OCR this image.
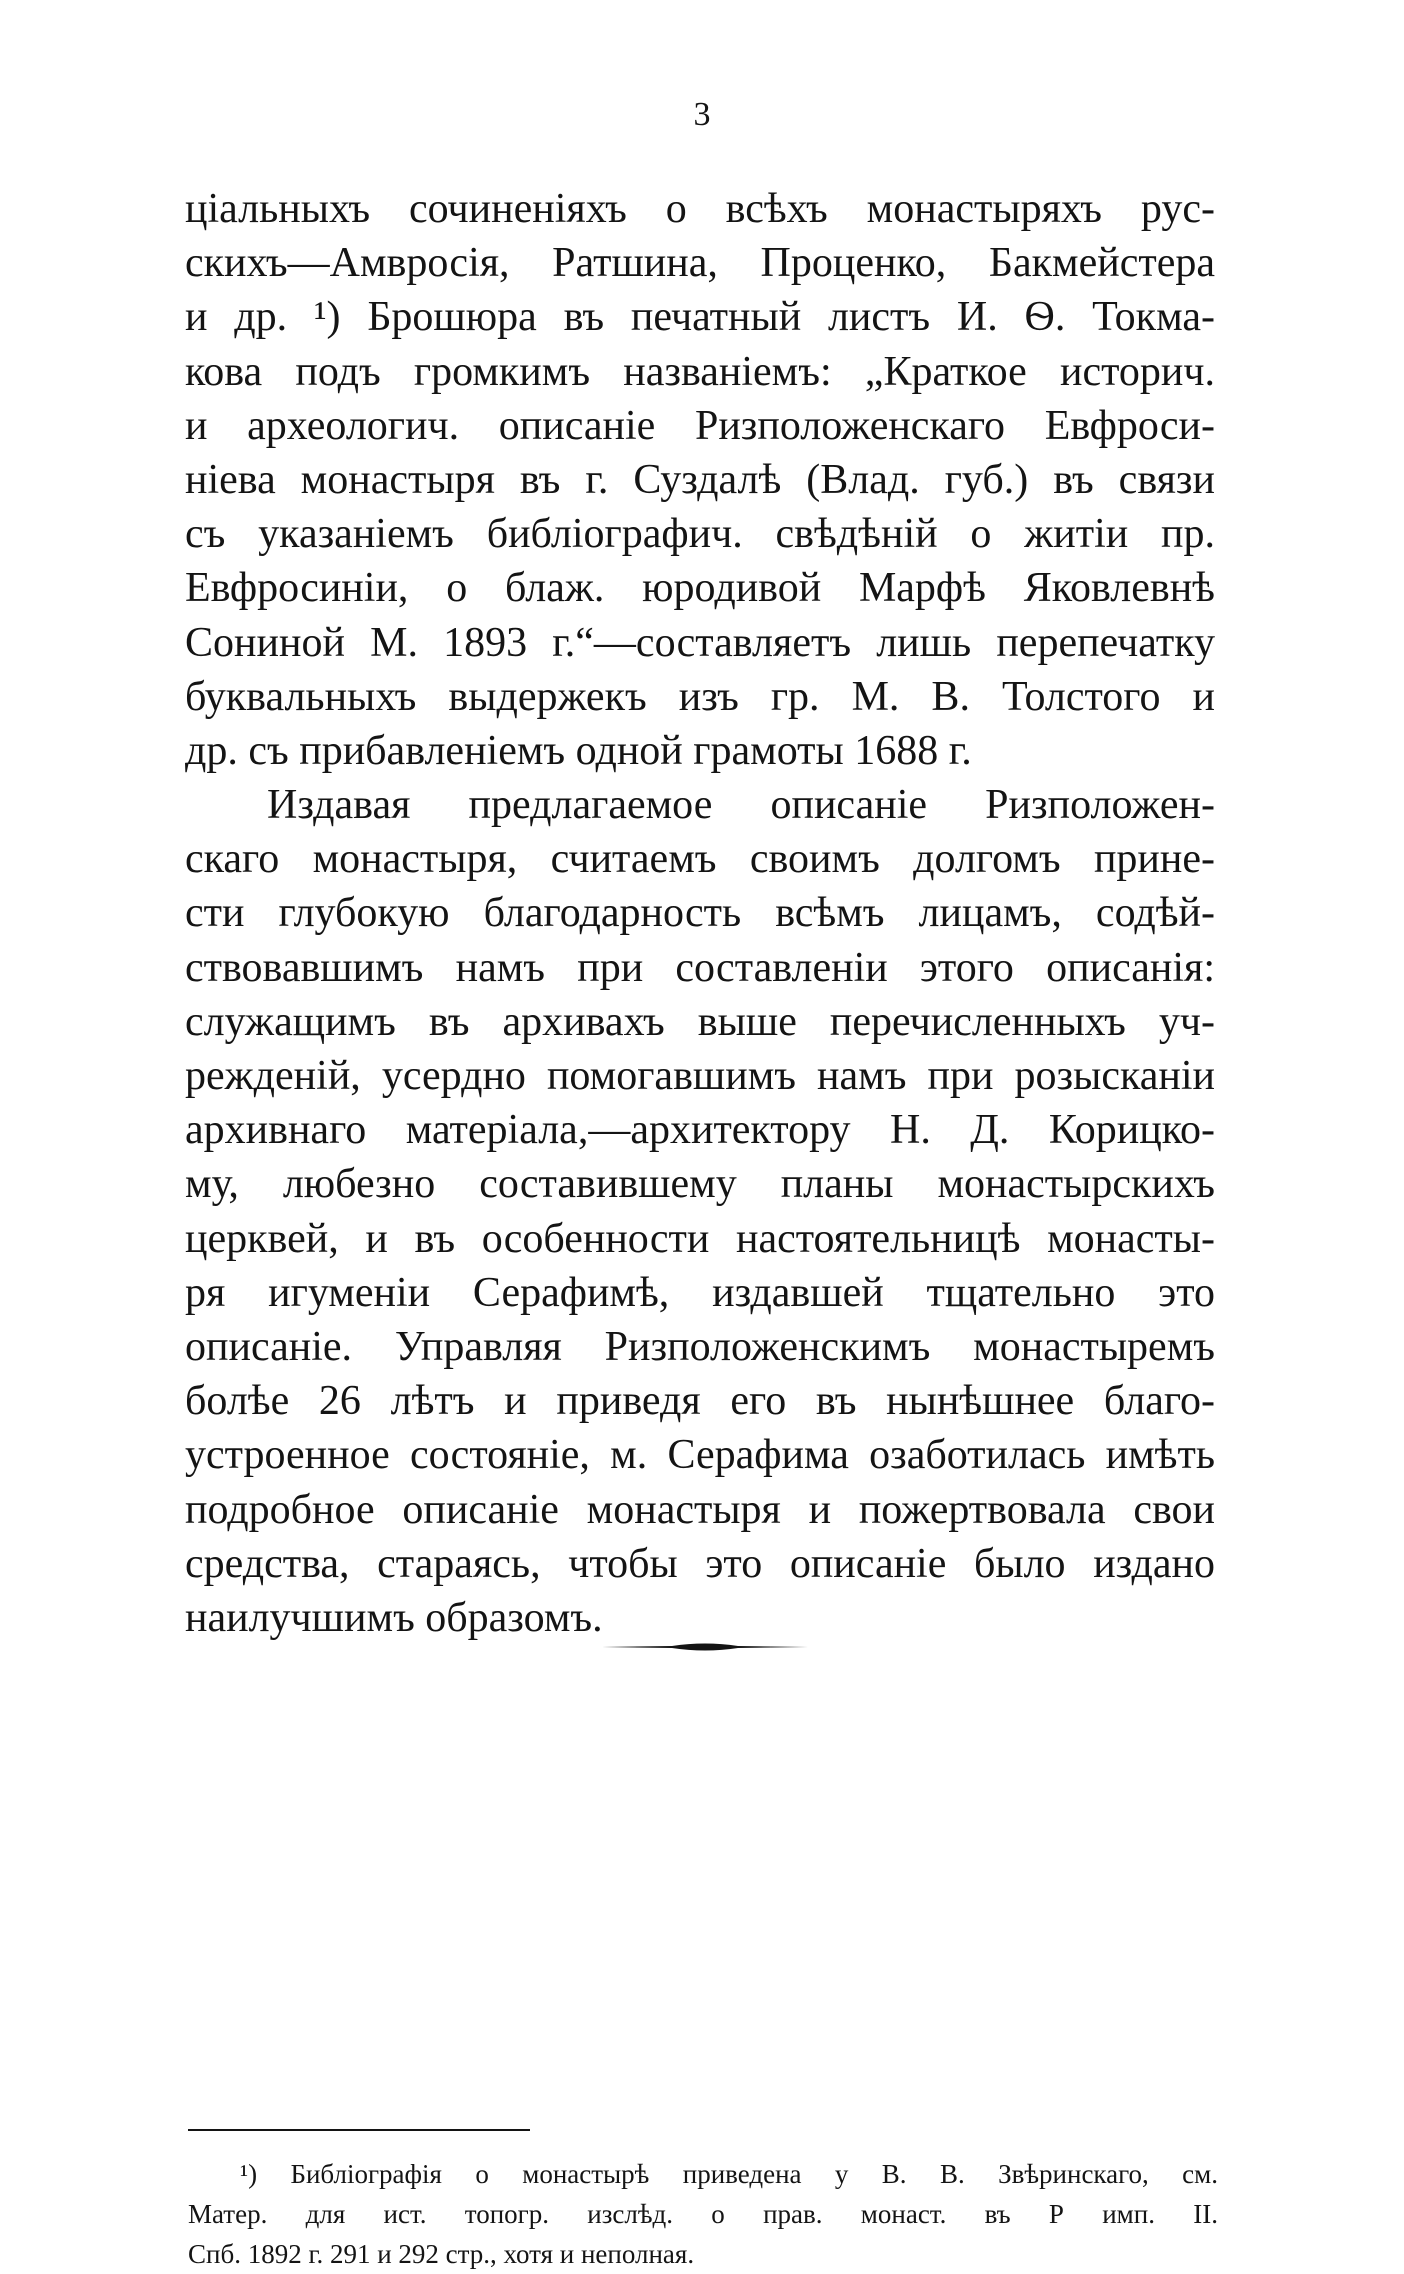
3
ціальныхъ сочиненіяхъ о всѣхъ монастыряхъ рус-
скихъ—Амвросія, Ратшина, Проценко, Бакмейстера
и др. ¹) Брошюра въ печатный листъ И. Ѳ. Токма-
кова подъ громкимъ названіемъ: „Краткое историч.
и археологич. описаніе Ризположенскаго Евфроси-
ніева монастыря въ г. Суздалѣ (Влад. губ.) въ связи
съ указаніемъ библіографич. свѣдѣній о житіи пр.
Евфросиніи, о блаж. юродивой Марфѣ Яковлевнѣ
Сониной М. 1893 г.“—составляетъ лишь перепечатку
буквальныхъ выдержекъ изъ гр. М. В. Толстого и
др. съ прибавленіемъ одной грамоты 1688 г.
Издавая предлагаемое описаніе Ризположен-
скаго монастыря, считаемъ своимъ долгомъ прине-
сти глубокую благодарность всѣмъ лицамъ, содѣй-
ствовавшимъ намъ при составленіи этого описанія:
служащимъ въ архивахъ выше перечисленныхъ уч-
режденій, усердно помогавшимъ намъ при розысканіи
архивнаго матеріала,—архитектору Н. Д. Корицко-
му, любезно составившему планы монастырскихъ
церквей, и въ особенности настоятельницѣ монасты-
ря игуменіи Серафимѣ, издавшей тщательно это
описаніе. Управляя Ризположенскимъ монастыремъ
болѣе 26 лѣтъ и приведя его въ нынѣшнее благо-
устроенное состояніе, м. Серафима озаботилась имѣть
подробное описаніе монастыря и пожертвовала свои
средства, стараясь, чтобы это описаніе было издано
наилучшимъ образомъ.
¹) Библіографія о монастырѣ приведена у В. В. Звѣринскаго, см.
Матер. для ист. топогр. изслѣд. о прав. монаст. въ Р имп. II.
Спб. 1892 г. 291 и 292 стр., хотя и неполная.
